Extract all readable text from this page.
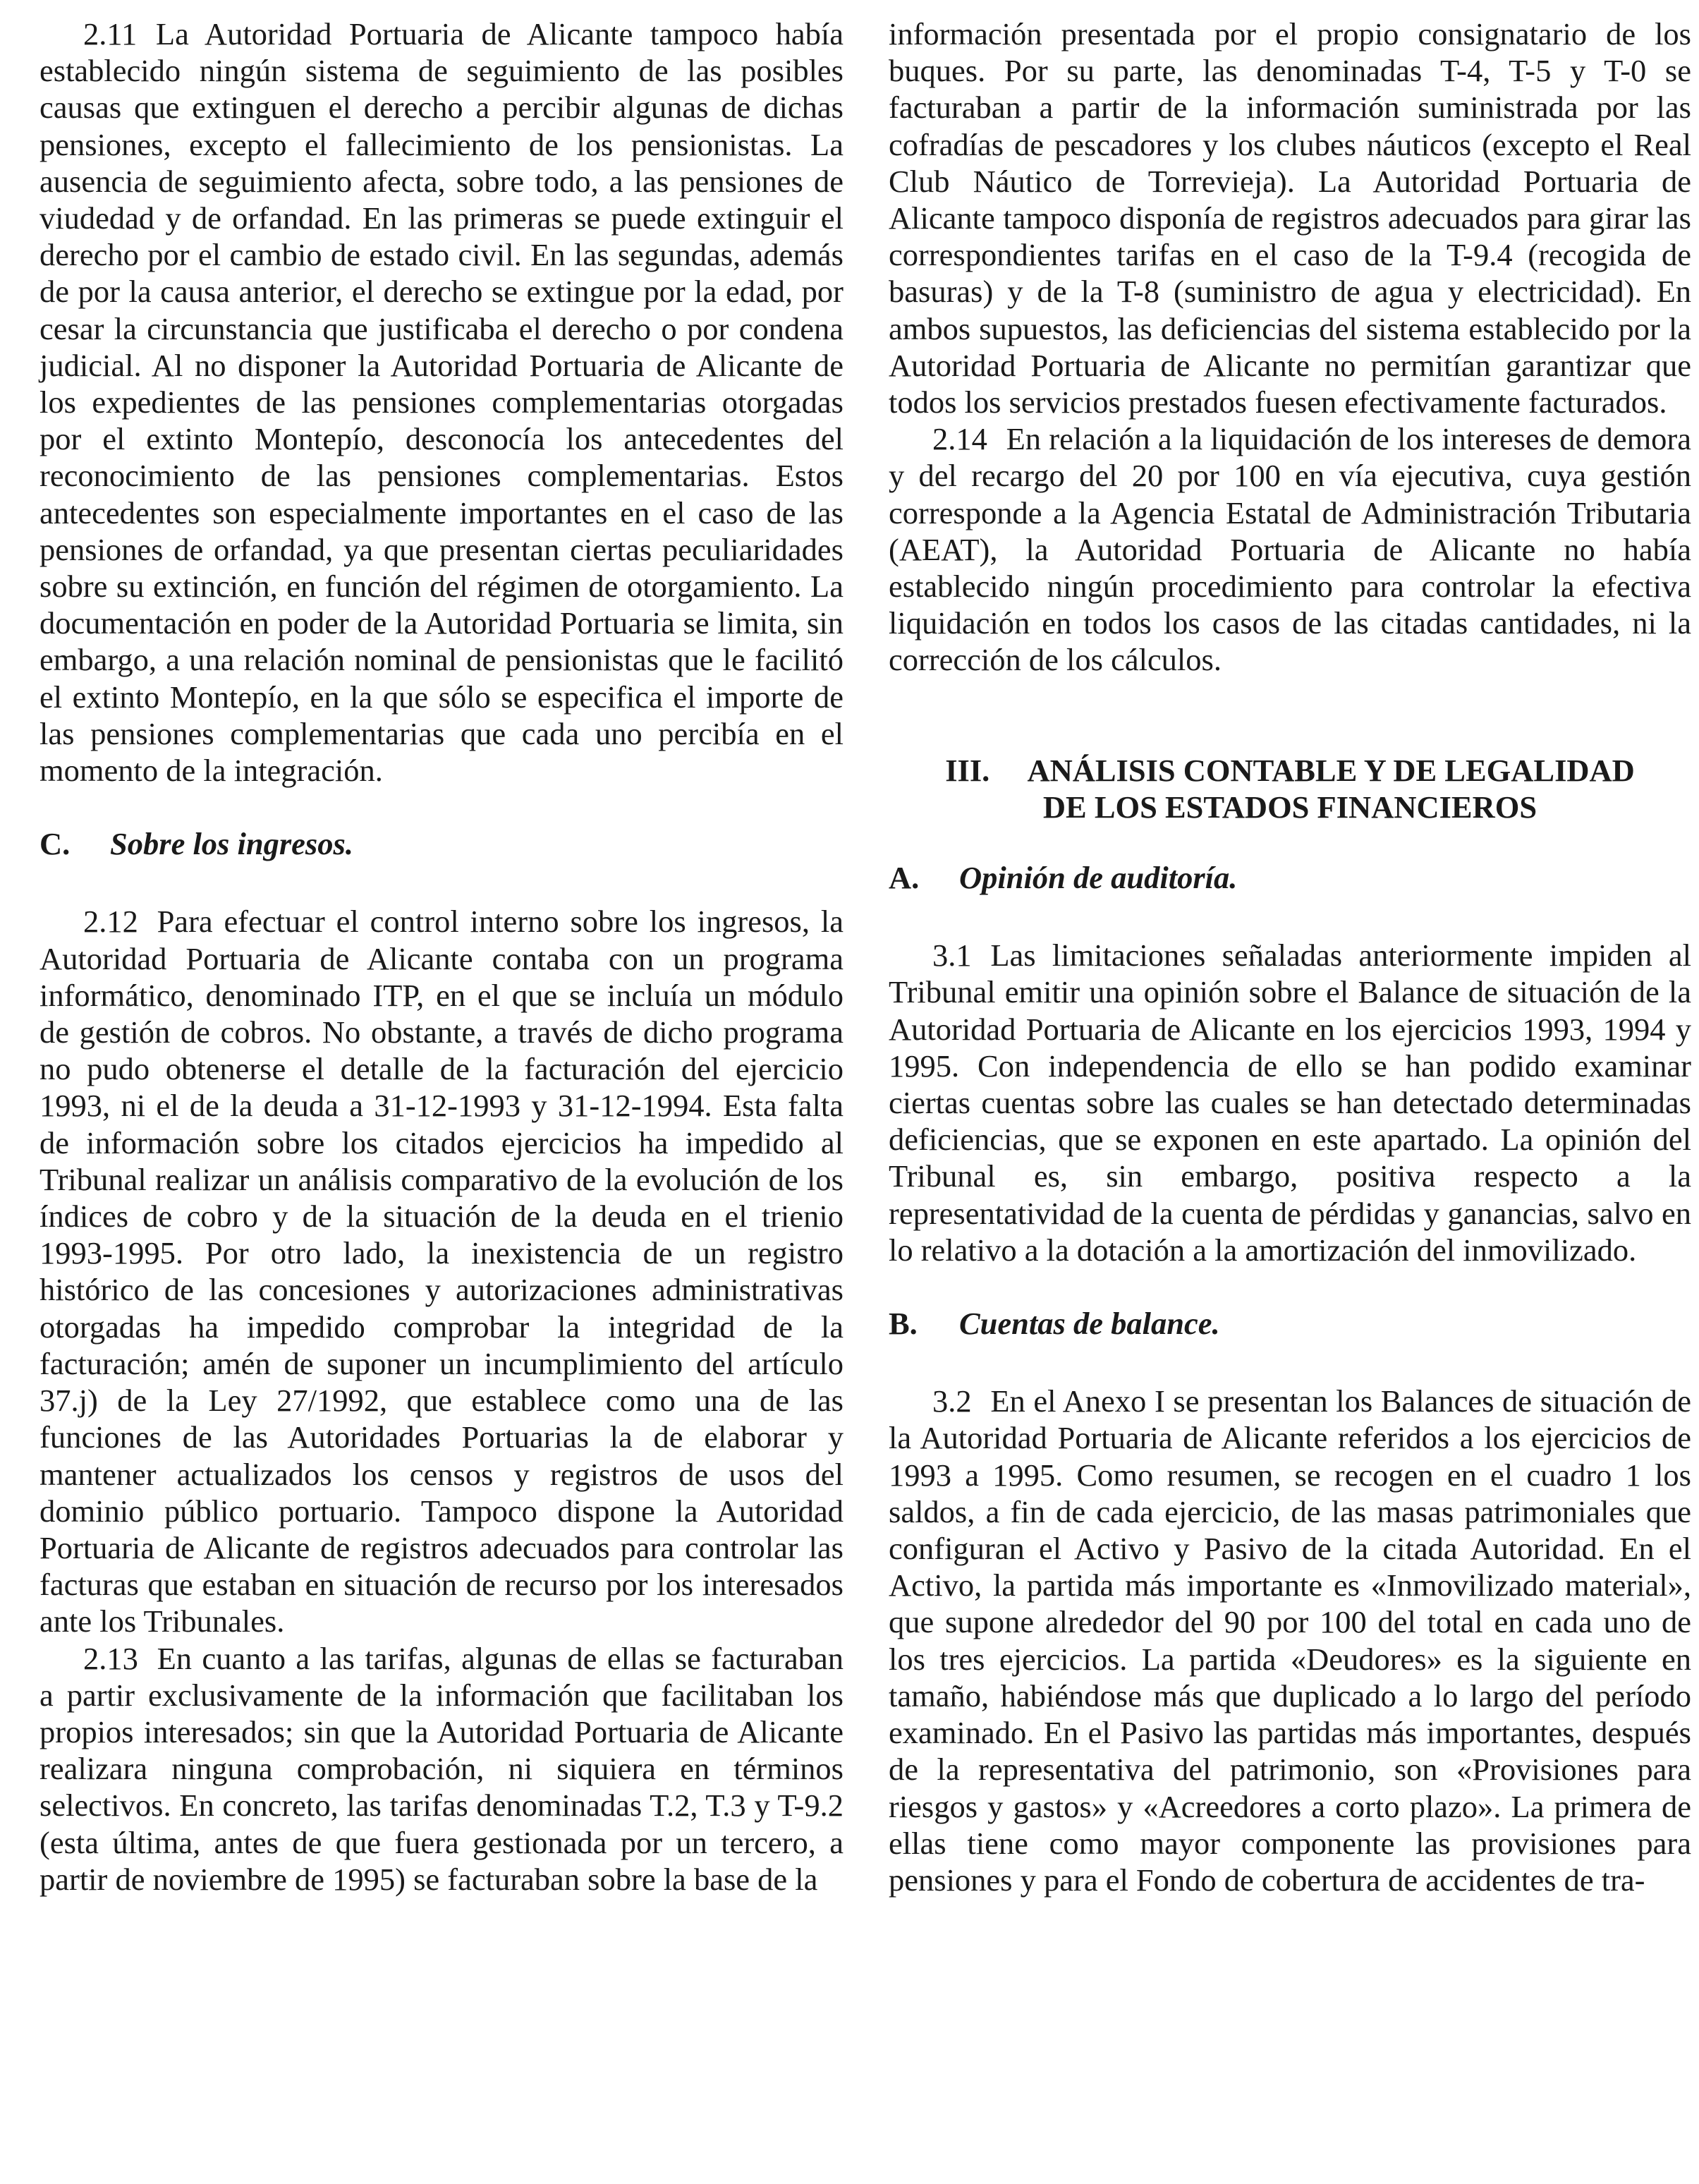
2.11 La Autoridad Portuaria de Alicante tampoco había establecido ningún sistema de seguimiento de las posibles causas que extinguen el derecho a percibir algunas de dichas pensiones, excepto el fallecimiento de los pensionistas. La ausencia de seguimiento afecta, sobre todo, a las pensiones de viudedad y de orfandad. En las primeras se puede extinguir el derecho por el cambio de estado civil. En las segundas, además de por la causa anterior, el derecho se extingue por la edad, por cesar la circunstancia que justificaba el derecho o por condena judicial. Al no disponer la Autoridad Portuaria de Alicante de los expedientes de las pensiones complementarias otorgadas por el extinto Montepío, desconocía los antecedentes del reconocimiento de las pensiones complementarias. Estos antecedentes son especialmente importantes en el caso de las pensiones de orfandad, ya que presentan ciertas peculiaridades sobre su extinción, en función del régimen de otorgamiento. La documentación en poder de la Autoridad Portuaria se limita, sin embargo, a una relación nominal de pensionistas que le facilitó el extinto Montepío, en la que sólo se especifica el importe de las pensiones complementarias que cada uno percibía en el momento de la integración.

C. Sobre los ingresos.

2.12 Para efectuar el control interno sobre los ingresos, la Autoridad Portuaria de Alicante contaba con un programa informático, denominado ITP, en el que se incluía un módulo de gestión de cobros. No obstante, a través de dicho programa no pudo obtenerse el detalle de la facturación del ejercicio 1993, ni el de la deuda a 31-12-1993 y 31-12-1994. Esta falta de información sobre los citados ejercicios ha impedido al Tribunal realizar un análisis comparativo de la evolución de los índices de cobro y de la situación de la deuda en el trienio 1993-1995. Por otro lado, la inexistencia de un registro histórico de las concesiones y autorizaciones administrativas otorgadas ha impedido comprobar la integridad de la facturación; amén de suponer un incumplimiento del artículo 37.j) de la Ley 27/1992, que establece como una de las funciones de las Autoridades Portuarias la de elaborar y mantener actualizados los censos y registros de usos del dominio público portuario. Tampoco dispone la Autoridad Portuaria de Alicante de registros adecuados para controlar las facturas que estaban en situación de recurso por los interesados ante los Tribunales.

2.13 En cuanto a las tarifas, algunas de ellas se facturaban a partir exclusivamente de la información que facilitaban los propios interesados; sin que la Autoridad Portuaria de Alicante realizara ninguna comprobación, ni siquiera en términos selectivos. En concreto, las tarifas denominadas T.2, T.3 y T-9.2 (esta última, antes de que fuera gestionada por un tercero, a partir de noviembre de 1995) se facturaban sobre la base de la

información presentada por el propio consignatario de los buques. Por su parte, las denominadas T-4, T-5 y T-0 se facturaban a partir de la información suministrada por las cofradías de pescadores y los clubes náuticos (excepto el Real Club Náutico de Torrevieja). La Autoridad Portuaria de Alicante tampoco disponía de registros adecuados para girar las correspondientes tarifas en el caso de la T-9.4 (recogida de basuras) y de la T-8 (suministro de agua y electricidad). En ambos supuestos, las deficiencias del sistema establecido por la Autoridad Portuaria de Alicante no permitían garantizar que todos los servicios prestados fuesen efectivamente facturados.

2.14 En relación a la liquidación de los intereses de demora y del recargo del 20 por 100 en vía ejecutiva, cuya gestión corresponde a la Agencia Estatal de Administración Tributaria (AEAT), la Autoridad Portuaria de Alicante no había establecido ningún procedimiento para controlar la efectiva liquidación en todos los casos de las citadas cantidades, ni la corrección de los cálculos.

III.  ANÁLISIS CONTABLE Y DE LEGALIDAD
DE LOS ESTADOS FINANCIEROS
A. Opinión de auditoría.

3.1 Las limitaciones señaladas anteriormente impiden al Tribunal emitir una opinión sobre el Balance de situación de la Autoridad Portuaria de Alicante en los ejercicios 1993, 1994 y 1995. Con independencia de ello se han podido examinar ciertas cuentas sobre las cuales se han detectado determinadas deficiencias, que se exponen en este apartado. La opinión del Tribunal es, sin embargo, positiva respecto a la representatividad de la cuenta de pérdidas y ganancias, salvo en lo relativo a la dotación a la amortización del inmovilizado.

B. Cuentas de balance.

3.2 En el Anexo I se presentan los Balances de situación de la Autoridad Portuaria de Alicante referidos a los ejercicios de 1993 a 1995. Como resumen, se recogen en el cuadro 1 los saldos, a fin de cada ejercicio, de las masas patrimoniales que configuran el Activo y Pasivo de la citada Autoridad. En el Activo, la partida más importante es «Inmovilizado material», que supone alrededor del 90 por 100 del total en cada uno de los tres ejercicios. La partida «Deudores» es la siguiente en tamaño, habiéndose más que duplicado a lo largo del período examinado. En el Pasivo las partidas más importantes, después de la representativa del patrimonio, son «Provisiones para riesgos y gastos» y «Acreedores a corto plazo». La primera de ellas tiene como mayor componente las provisiones para pensiones y para el Fondo de cobertura de accidentes de tra-
